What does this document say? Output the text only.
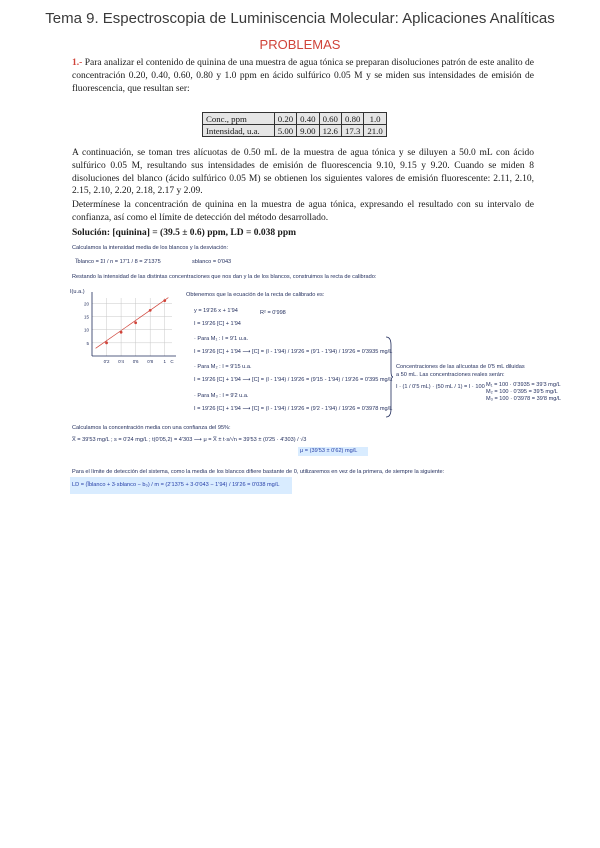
Tema 9. Espectroscopia de Luminiscencia Molecular: Aplicaciones Analíticas
PROBLEMAS
1.- Para analizar el contenido de quinina de una muestra de agua tónica se preparan disoluciones patrón de este analito de concentración 0.20, 0.40, 0.60, 0.80 y 1.0 ppm en ácido sulfúrico 0.05 M y se miden sus intensidades de emisión de fluorescencia, que resultan ser:
Conc., ppm	0.20	0.40	0.60	0.80	1.0
Intensidad, u.a.	5.00	9.00	12.6	17.3	21.0
A continuación, se toman tres alícuotas de 0.50 mL de la muestra de agua tónica y se diluyen a 50.0 mL con ácido sulfúrico 0.05 M, resultando sus intensidades de emisión de fluorescencia 9.10, 9.15 y 9.20. Cuando se miden 8 disoluciones del blanco (ácido sulfúrico 0.05 M) se obtienen los siguientes valores de emisión fluorescente: 2.11, 2.10, 2.15, 2.10, 2.20, 2.18, 2.17 y 2.09.
Determínese la concentración de quinina en la muestra de agua tónica, expresando el resultado con su intervalo de confianza, así como el límite de detección del método desarrollado.
Solución: [quinina] = (39.5 ± 0.6) ppm, LD = 0.038 ppm
Calculamos la intensidad media de los blancos y la desviación:
I̅blanco = ΣI / n = 17'1 / 8 = 2'1375	sblanco = 0'043
Restando la intensidad de las distintas concentraciones que nos dan y la de los blancos, construimos la recta de calibrado:
20
15
10
5
0'2 0'4 0'6 0'8 1 C
I(u.a.)	Obtenemos que la ecuación de la recta de calibrado es:
y = 19'26 x + 1'94	R² = 0'998
I = 19'26 [C] + 1'94
· Para M₁ : I = 9'1 u.a.
I = 19'26 [C] + 1'94 ⟶ [C] = (I - 1'94) / 19'26 = (9'1 - 1'94) / 19'26 = 0'3935 mg/L
· Para M₂ : I = 9'15 u.a.
I = 19'26 [C] + 1'94 ⟶ [C] = (I - 1'94) / 19'26 = (9'15 - 1'94) / 19'26 = 0'395 mg/L
· Para M₃ : I = 9'2 u.a.
I = 19'26 [C] + 1'94 ⟶ [C] = (I - 1'94) / 19'26 = (9'2 - 1'94) / 19'26 = 0'3978 mg/L
Concentraciones de las alícuotas de 0'5 mL diluidas
a 50 mL. Las concentraciones reales serán:
I · (1 / 0'5 mL) · (50 mL / 1) = I · 100 M₁ = 100 · 0'3935 = 39'3 mg/L
M₂ = 100 · 0'395 = 39'5 mg/L
M₃ = 100 · 0'3978 = 39'8 mg/L
Calculamos la concentración media con una confianza del 95%:
X̅ = 39'53 mg/L ; s = 0'24 mg/L ; t(0'05,2) = 4'303 ⟶ μ = X̅ ± t·s/√n = 39'53 ± (0'25 · 4'303) / √3
μ = (39'53 ± 0'62) mg/L
Para el límite de detección del sistema, como la media de los blancos difiere bastante de 0, utilizaremos en vez de la primera, de siempre la siguiente:
LD = (I̅blanco + 3·sblanco − b₀) / m = (2'1375 + 3·0'043 − 1'94) / 19'26 = 0'038 mg/L
